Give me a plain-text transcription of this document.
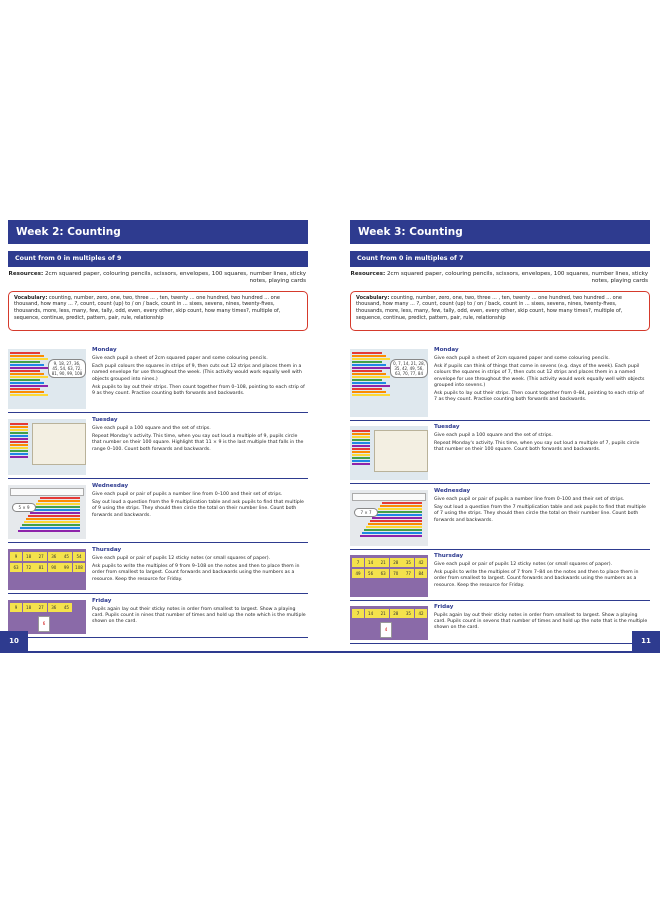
Week 2: Counting
Count from 0 in multiples of 9
Resources: 2cm squared paper, colouring pencils, scissors, envelopes, 100 squares, number lines, sticky notes, playing cards
Vocabulary: counting, number, zero, one, two, three ... , ten, twenty ... one hundred, two hundred ... one thousand, how many ... ?, count, count (up) to / on / back, count in ... sixes, sevens, nines, twenty-fives, thousands, more, less, many, few, tally, odd, even, every other, skip count, how many times?, multiple of, sequence, continue, predict, pattern, pair, rule, relationship
9, 18, 27, 36, 45, 54, 63, 72, 81, 90, 99, 108
Monday
Give each pupil a sheet of 2cm squared paper and some colouring pencils.
Each pupil colours the squares in strips of 9, then cuts out 12 strips and places them in a named envelope for use throughout the week. (This activity would work equally well with objects grouped into nines.)
Ask pupils to lay out their strips. Then count together from 0–108, pointing to each strip of 9 as they count. Practise counting both forwards and backwards.
Tuesday
Give each pupil a 100 square and the set of strips.
Repeat Monday's activity. This time, when you say out loud a multiple of 9, pupils circle that number on their 100 square. Highlight that 11 × 9 is the last multiple that falls in the range 0–100. Count both forwards and backwards.
5 × 9
Wednesday
Give each pupil or pair of pupils a number line from 0–100 and their set of strips.
Say out loud a question from the 9 multiplication table and ask pupils to find that multiple of 9 using the strips. They should then circle the total on their number line. Count both forwards and backwards.
9	18	27	36	45	54
63	72	81	90	99	108
Thursday
Give each pupil or pair of pupils 12 sticky notes (or small squares of paper).
Ask pupils to write the multiples of 9 from 9–108 on the notes and then to place them in order from smallest to largest. Count forwards and backwards using the numbers as a resource. Keep the resource for Friday.
9	18	27	36	45
6
Friday
Pupils again lay out their sticky notes in order from smallest to largest. Show a playing card. Pupils count in nines that number of times and hold up the note which is the multiple shown on the card.
Week 3: Counting
Count from 0 in multiples of 7
Resources: 2cm squared paper, colouring pencils, scissors, envelopes, 100 squares, number lines, sticky notes, playing cards
Vocabulary: counting, number, zero, one, two, three ... , ten, twenty ... one hundred, two hundred ... one thousand, how many ... ?, count, count (up) to / on / back, count in ... sixes, sevens, nines, twenty-fives, thousands, more, less, many, few, tally, odd, even, every other, skip count, how many times?, multiple of, sequence, continue, predict, pattern, pair, rule, relationship
0, 7, 14, 21, 28, 35, 42, 49, 56, 63, 70, 77, 84
Monday
Give each pupil a sheet of 2cm squared paper and some colouring pencils.
Ask if pupils can think of things that come in sevens (e.g. days of the week). Each pupil colours the squares in strips of 7, then cuts out 12 strips and places them in a named envelope for use throughout the week. (This activity would work equally well with objects grouped into sevens.)
Ask pupils to lay out their strips. Then count together from 0–84, pointing to each strip of 7 as they count. Practise counting both forwards and backwards.
Tuesday
Give each pupil a 100 square and the set of strips.
Repeat Monday's activity. This time, when you say out loud a multiple of 7, pupils circle that number on their 100 square. Count both forwards and backwards.
7 × 7
Wednesday
Give each pupil or pair of pupils a number line from 0–100 and their set of strips.
Say out loud a question from the 7 multiplication table and ask pupils to find that multiple of 7 using the strips. They should then circle the total on their number line. Count both forwards and backwards.
7	14	21	28	35	42
49	56	63	70	77	84
Thursday
Give each pupil or pair of pupils 12 sticky notes (or small squares of paper).
Ask pupils to write the multiples of 7 from 7–84 on the notes and then to place them in order from smallest to largest. Count forwards and backwards using the numbers as a resource. Keep the resource for Friday.
7	14	21	28	35	42
4
Friday
Pupils again lay out their sticky notes in order from smallest to largest. Show a playing card. Pupils count in sevens that number of times and hold up the note that is the multiple shown on the card.
10	11
